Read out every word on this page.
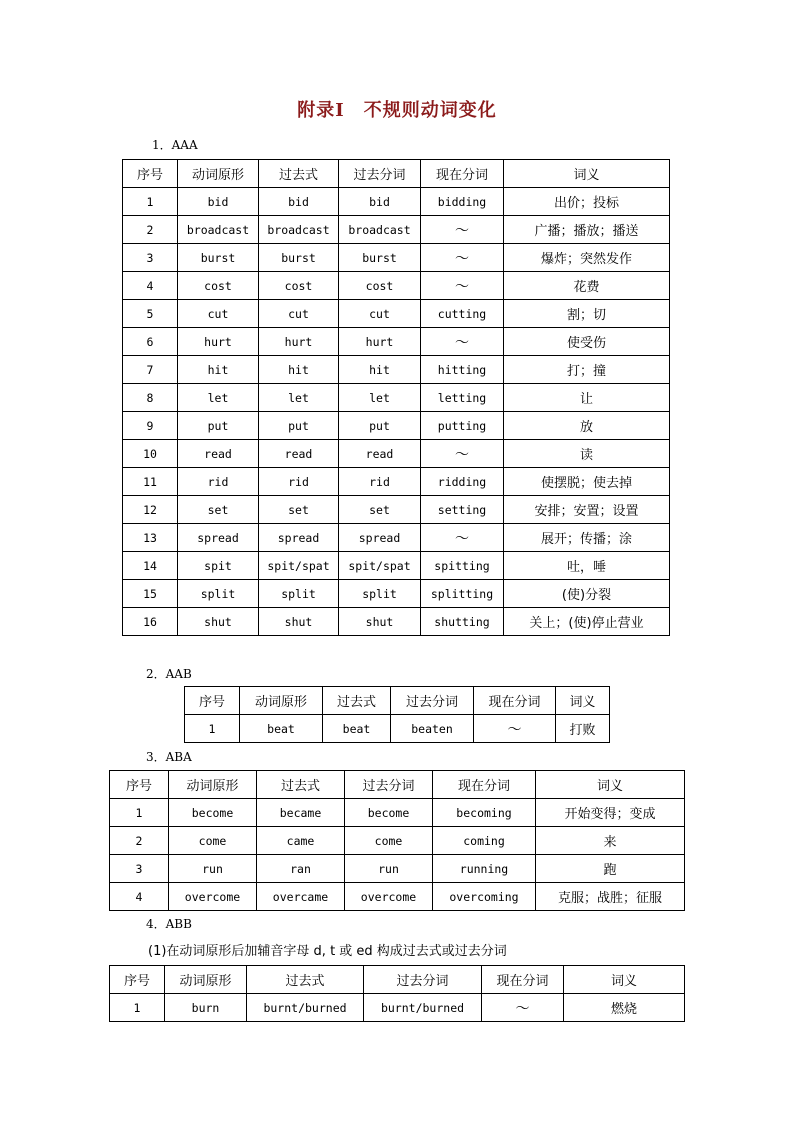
附录Ⅰ　不规则动词变化
1．AAA
序号	动词原形	过去式	过去分词	现在分词	词义
1	bid	bid	bid	bidding	出价；投标
2	broadcast	broadcast	broadcast	～	广播；播放；播送
3	burst	burst	burst	～	爆炸；突然发作
4	cost	cost	cost	～	花费
5	cut	cut	cut	cutting	割；切
6	hurt	hurt	hurt	～	使受伤
7	hit	hit	hit	hitting	打；撞
8	let	let	let	letting	让
9	put	put	put	putting	放
10	read	read	read	～	读
11	rid	rid	rid	ridding	使摆脱；使去掉
12	set	set	set	setting	安排；安置；设置
13	spread	spread	spread	～	展开；传播；涂
14	spit	spit/spat	spit/spat	spitting	吐，唾
15	split	split	split	splitting	(使)分裂
16	shut	shut	shut	shutting	关上；(使)停止营业
2．AAB
序号	动词原形	过去式	过去分词	现在分词	词义
1	beat	beat	beaten	～	打败
3．ABA
序号	动词原形	过去式	过去分词	现在分词	词义
1	become	became	become	becoming	开始变得；变成
2	come	came	come	coming	来
3	run	ran	run	running	跑
4	overcome	overcame	overcome	overcoming	克服；战胜；征服
4．ABB
(1)在动词原形后加辅音字母 d, t 或 ed 构成过去式或过去分词
序号	动词原形	过去式	过去分词	现在分词	词义
1	burn	burnt/burned	burnt/burned	～	燃烧
